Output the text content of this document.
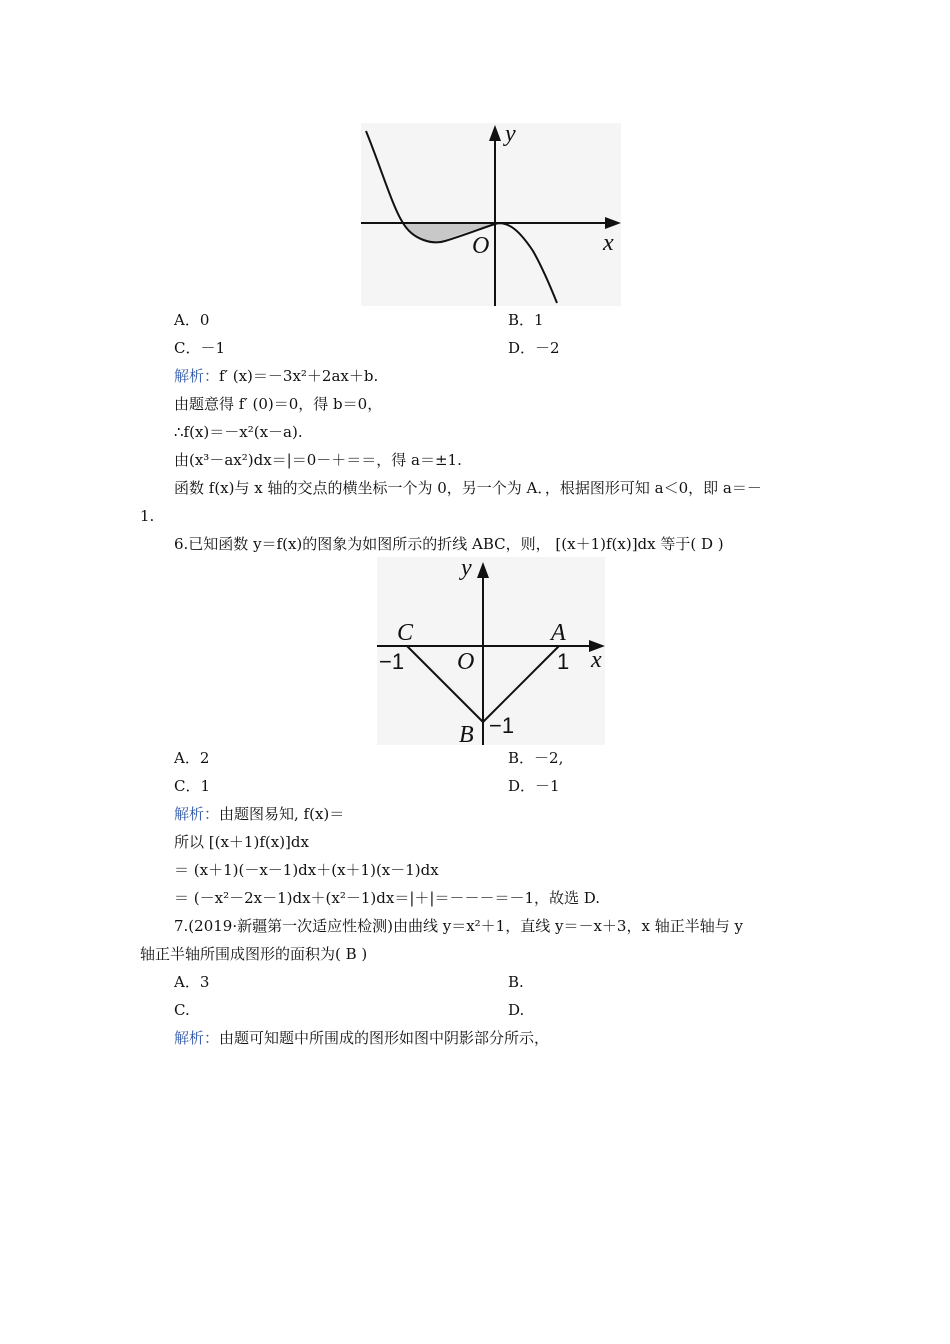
y
x
O
A．0	B．1
C．－1	D．－2
解析：f′ (x)＝－3x²＋2ax＋b.
由题意得 f′ (0)＝0，得 b＝0，
∴f(x)＝－x²(x－a).
由(x³－ax²)dx＝|＝0－＋＝＝，得 a＝±1.
函数 f(x)与 x 轴的交点的横坐标一个为 0，另一个为 A．，根据图形可知 a＜0，即 a＝－
1.
6.已知函数 y＝f(x)的图象为如图所示的折线 ABC，则， [(x＋1)f(x)]dx 等于( D )
y
x
O
C	A
B
−1	1
−1
A．2	B．－2,
C．1	D．－1
解析：由题图易知, f(x)＝
所以 [(x＋1)f(x)]dx
＝ (x＋1)(－x－1)dx＋(x＋1)(x－1)dx
＝ (－x²－2x－1)dx＋(x²－1)dx＝|＋|＝－－－＝－1，故选 D.
7.(2019·新疆第一次适应性检测)由曲线 y＝x²＋1，直线 y＝－x＋3，x 轴正半轴与 y
轴正半轴所围成图形的面积为( B )
A．3	B.
C.	D.
解析：由题可知题中所围成的图形如图中阴影部分所示，
